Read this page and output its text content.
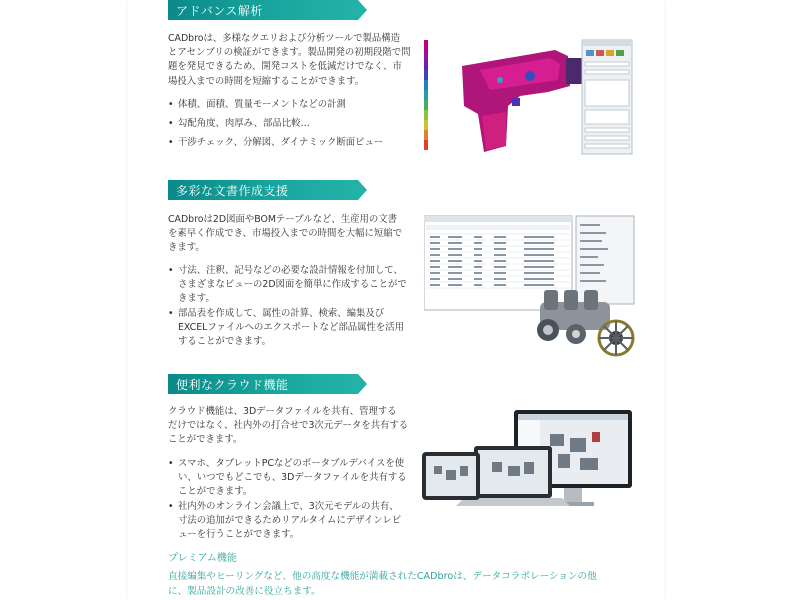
アドバンス解析
CADbroは、多様なクエリおよび分析ツールで製品構造
とアセンブリの検証ができます。製品開発の初期段階で問
題を発見できるため、開発コストを低減だけでなく、市
場投入までの時間を短縮することができます。
• 体積、面積、質量モーメントなどの計測
• 勾配角度、肉厚み、部品比較…
• 干渉チェック、分解図、ダイナミック断面ビュー
多彩な文書作成支援
CADbroは2D図面やBOMテーブルなど、生産用の文書
を素早く作成でき、市場投入までの時間を大幅に短縮で
きます。
• 寸法、注釈、記号などの必要な設計情報を付加して、
さまざまなビューの2D図面を簡単に作成することがで
きます。
• 部品表を作成して、属性の計算、検索、編集及び
EXCELファイルへのエクスポートなど部品属性を活用
することができます。
便利なクラウド機能
クラウド機能は、3Dデータファイルを共有、管理する
だけではなく、社内外の打合せで3次元データを共有する
ことができます。
• スマホ、タブレットPCなどのポータブルデバイスを使
い、いつでもどこでも、3Dデータファイルを共有する
ことができます。
• 社内外のオンライン会議上で、3次元モデルの共有、
寸法の追加ができるためリアルタイムにデザインレビ
ューを行うことができます。
プレミアム機能
直接編集やヒーリングなど、他の高度な機能が満載されたCADbroは、データコラボレーションの他
に、製品設計の改善に役立ちます。
